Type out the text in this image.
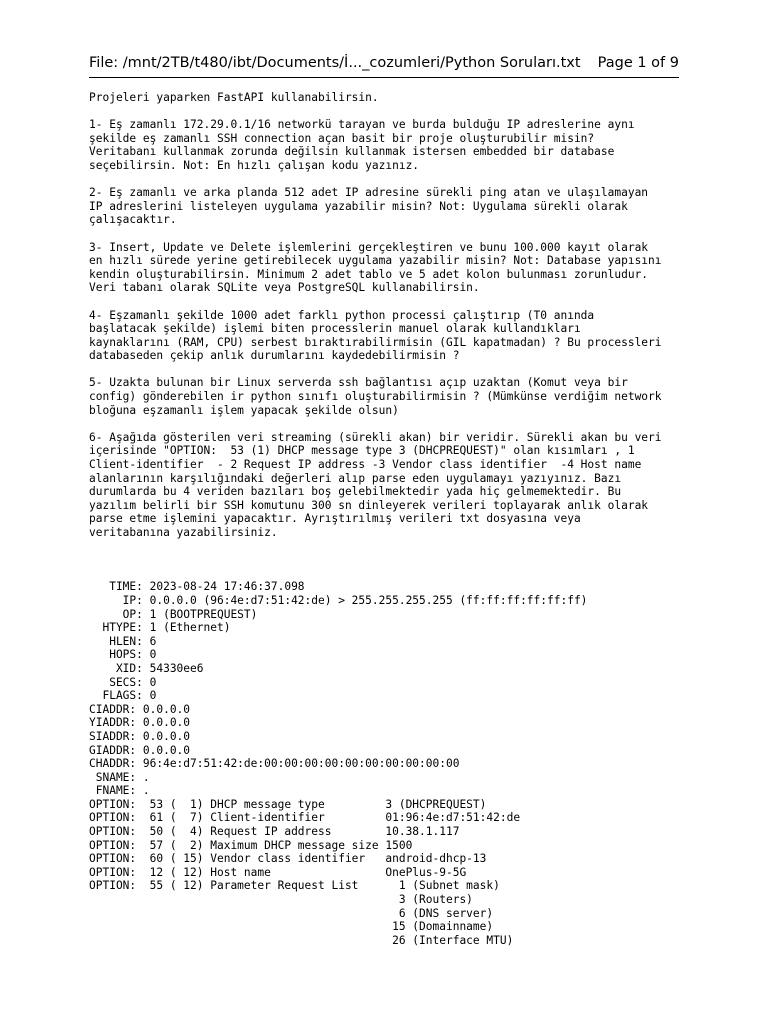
File: /mnt/2TB/t480/ibt/Documents/İ..._cozumleri/Python Soruları.txt Page 1 of 9
Projeleri yaparken FastAPI kullanabilirsin.
1- Eş zamanlı 172.29.0.1/16 networkü tarayan ve burda bulduğu IP adreslerine aynı
şekilde eş zamanlı SSH connection açan basit bir proje oluşturubilir misin?
Veritabanı kullanmak zorunda değilsin kullanmak istersen embedded bir database
seçebilirsin. Not: En hızlı çalışan kodu yazınız.
2- Eş zamanlı ve arka planda 512 adet IP adresine sürekli ping atan ve ulaşılamayan
IP adreslerini listeleyen uygulama yazabilir misin? Not: Uygulama sürekli olarak
çalışacaktır.
3- Insert, Update ve Delete işlemlerini gerçekleştiren ve bunu 100.000 kayıt olarak
en hızlı sürede yerine getirebilecek uygulama yazabilir misin? Not: Database yapısını
kendin oluşturabilirsin. Minimum 2 adet tablo ve 5 adet kolon bulunması zorunludur.
Veri tabanı olarak SQLite veya PostgreSQL kullanabilirsin.
4- Eşzamanlı şekilde 1000 adet farklı python processi çalıştırıp (T0 anında
başlatacak şekilde) işlemi biten processlerin manuel olarak kullandıkları
kaynaklarını (RAM, CPU) serbest bıraktırabilirmisin (GIL kapatmadan) ? Bu processleri
databaseden çekip anlık durumlarını kaydedebilirmisin ?
5- Uzakta bulunan bir Linux serverda ssh bağlantısı açıp uzaktan (Komut veya bir
config) gönderebilen ir python sınıfı oluşturabilirmisin ? (Mümkünse verdiğim network
bloğuna eşzamanlı işlem yapacak şekilde olsun)
6- Aşağıda gösterilen veri streaming (sürekli akan) bir veridir. Sürekli akan bu veri
içerisinde "OPTION:  53 (1) DHCP message type 3 (DHCPREQUEST)" olan kısımları , 1
Client-identifier  - 2 Request IP address -3 Vendor class identifier  -4 Host name
alanlarının karşılığındaki değerleri alıp parse eden uygulamayı yazıyınız. Bazı
durumlarda bu 4 veriden bazıları boş gelebilmektedir yada hiç gelmemektedir. Bu
yazılım belirli bir SSH komutunu 300 sn dinleyerek verileri toplayarak anlık olarak
parse etme işlemini yapacaktır. Ayrıştırılmış verileri txt dosyasına veya
veritabanına yazabilirsiniz.
TIME: 2023-08-24 17:46:37.098
IP: 0.0.0.0 (96:4e:d7:51:42:de) > 255.255.255.255 (ff:ff:ff:ff:ff:ff)
OP: 1 (BOOTPREQUEST)
HTYPE: 1 (Ethernet)
HLEN: 6
HOPS: 0
XID: 54330ee6
SECS: 0
FLAGS: 0
CIADDR: 0.0.0.0
YIADDR: 0.0.0.0
SIADDR: 0.0.0.0
GIADDR: 0.0.0.0
CHADDR: 96:4e:d7:51:42:de:00:00:00:00:00:00:00:00:00:00
SNAME: .
FNAME: .
OPTION:  53 (  1) DHCP message type         3 (DHCPREQUEST)
OPTION:  61 (  7) Client-identifier         01:96:4e:d7:51:42:de
OPTION:  50 (  4) Request IP address        10.38.1.117
OPTION:  57 (  2) Maximum DHCP message size 1500
OPTION:  60 ( 15) Vendor class identifier   android-dhcp-13
OPTION:  12 ( 12) Host name                 OnePlus-9-5G
OPTION:  55 ( 12) Parameter Request List      1 (Subnet mask)
3 (Routers)
6 (DNS server)
15 (Domainname)
26 (Interface MTU)
